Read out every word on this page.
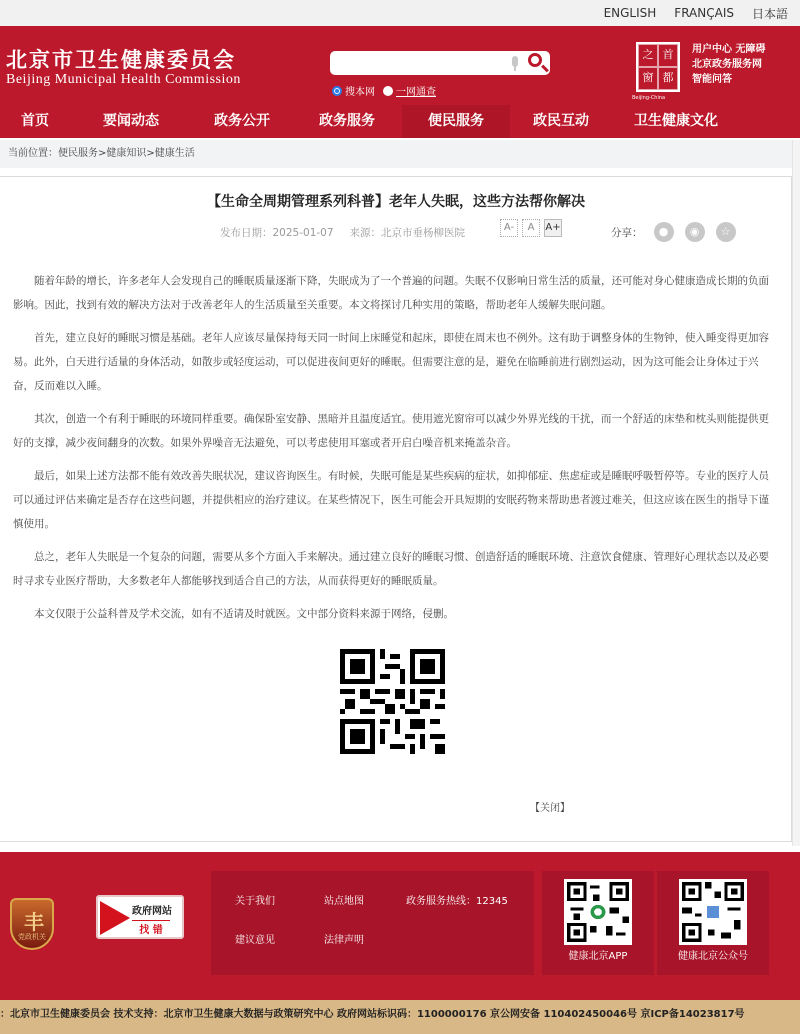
ENGLISH FRANÇAIS 日本語
北京市卫生健康委员会
Beijing Municipal Health Commission
搜本网 一网通查
之 首
窗 都
Beijing-China
用户中心 无障碍
北京政务服务网
智能问答
首页	要闻动态	政务公开	政务服务	便民服务	政民互动	卫生健康文化
当前位置：便民服务>健康知识>健康生活
【生命全周期管理系列科普】老年人失眠，这些方法帮你解决
发布日期：2025-01-07 来源：北京市垂杨柳医院	A-	A	A+	分享：	●	◉	☆

随着年龄的增长，许多老年人会发现自己的睡眠质量逐渐下降，失眠成为了一个普遍的问题。失眠不仅影响日常生活的质量，还可能对身心健康造成长期的负面影响。因此，找到有效的解决方法对于改善老年人的生活质量至关重要。本文将探讨几种实用的策略，帮助老年人缓解失眠问题。

首先，建立良好的睡眠习惯是基础。老年人应该尽量保持每天同一时间上床睡觉和起床，即使在周末也不例外。这有助于调整身体的生物钟，使入睡变得更加容易。此外，白天进行适量的身体活动，如散步或轻度运动，可以促进夜间更好的睡眠。但需要注意的是，避免在临睡前进行剧烈运动，因为这可能会让身体过于兴奋，反而难以入睡。

其次，创造一个有利于睡眠的环境同样重要。确保卧室安静、黑暗并且温度适宜。使用遮光窗帘可以减少外界光线的干扰，而一个舒适的床垫和枕头则能提供更好的支撑，减少夜间翻身的次数。如果外界噪音无法避免，可以考虑使用耳塞或者开启白噪音机来掩盖杂音。

最后，如果上述方法都不能有效改善失眠状况，建议咨询医生。有时候，失眠可能是某些疾病的症状，如抑郁症、焦虑症或是睡眠呼吸暂停等。专业的医疗人员可以通过评估来确定是否存在这些问题，并提供相应的治疗建议。在某些情况下，医生可能会开具短期的安眠药物来帮助患者渡过难关，但这应该在医生的指导下谨慎使用。

总之，老年人失眠是一个复杂的问题，需要从多个方面入手来解决。通过建立良好的睡眠习惯、创造舒适的睡眠环境、注意饮食健康、管理好心理状态以及必要时寻求专业医疗帮助，大多数老年人都能够找到适合自己的方法，从而获得更好的睡眠质量。

本文仅限于公益科普及学术交流，如有不适请及时就医。文中部分资料来源于网络，侵删。

【关闭】
丰
党政机关
政府网站
找 错
关于我们	站点地图	政务服务热线：12345
建议意见	法律声明
健康北京APP	健康北京公众号
：北京市卫生健康委员会 技术支持：北京市卫生健康大数据与政策研究中心 政府网站标识码：1100000176 京公网安备 110402450046号 京ICP备14023817号
